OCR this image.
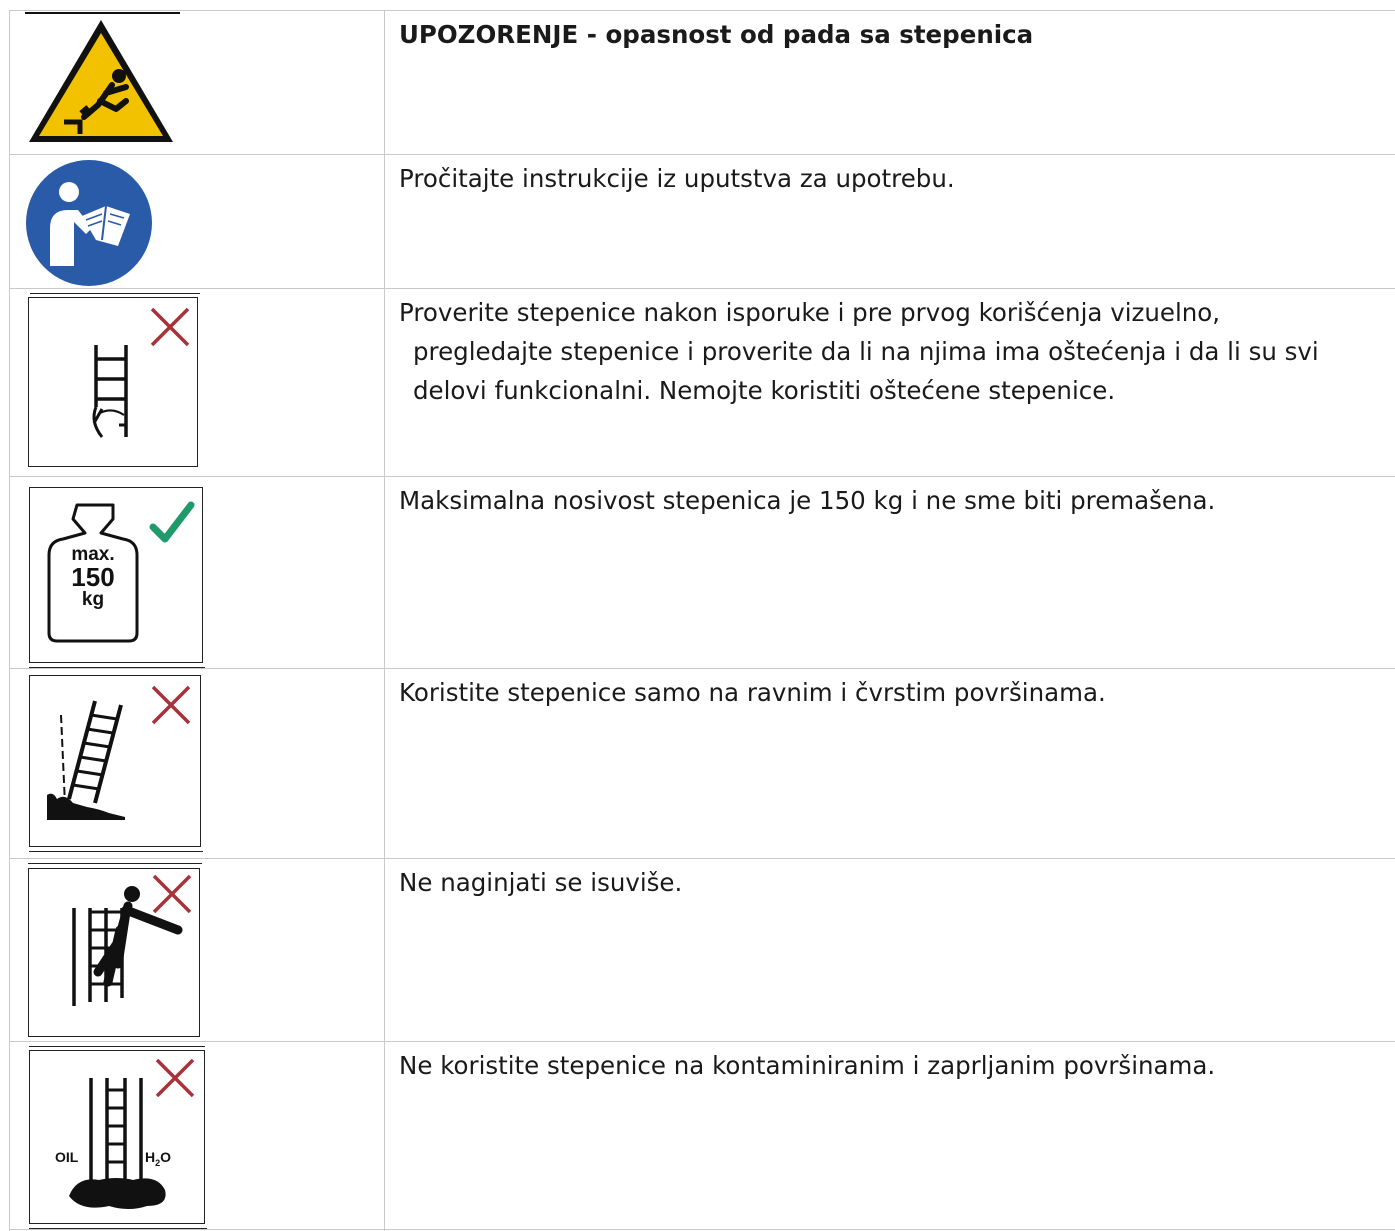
UPOZORENJE - opasnost od pada sa stepenica

Pročitajte instrukcije iz uputstva za upotrebu.

Proverite stepenice nakon isporuke i pre prvog korišćenja vizuelno,
pregledajte stepenice i proverite da li na njima ima oštećenja i da li su svi
delovi funkcionalni. Nemojte koristiti oštećene stepenice.

max.
150
kg

Maksimalna nosivost stepenica je 150 kg i ne sme biti premašena.

Koristite stepenice samo na ravnim i čvrstim površinama.

Ne naginjati se isuviše.

OIL	$H_2O$

Ne koristite stepenice na kontaminiranim i zaprljanim površinama.
